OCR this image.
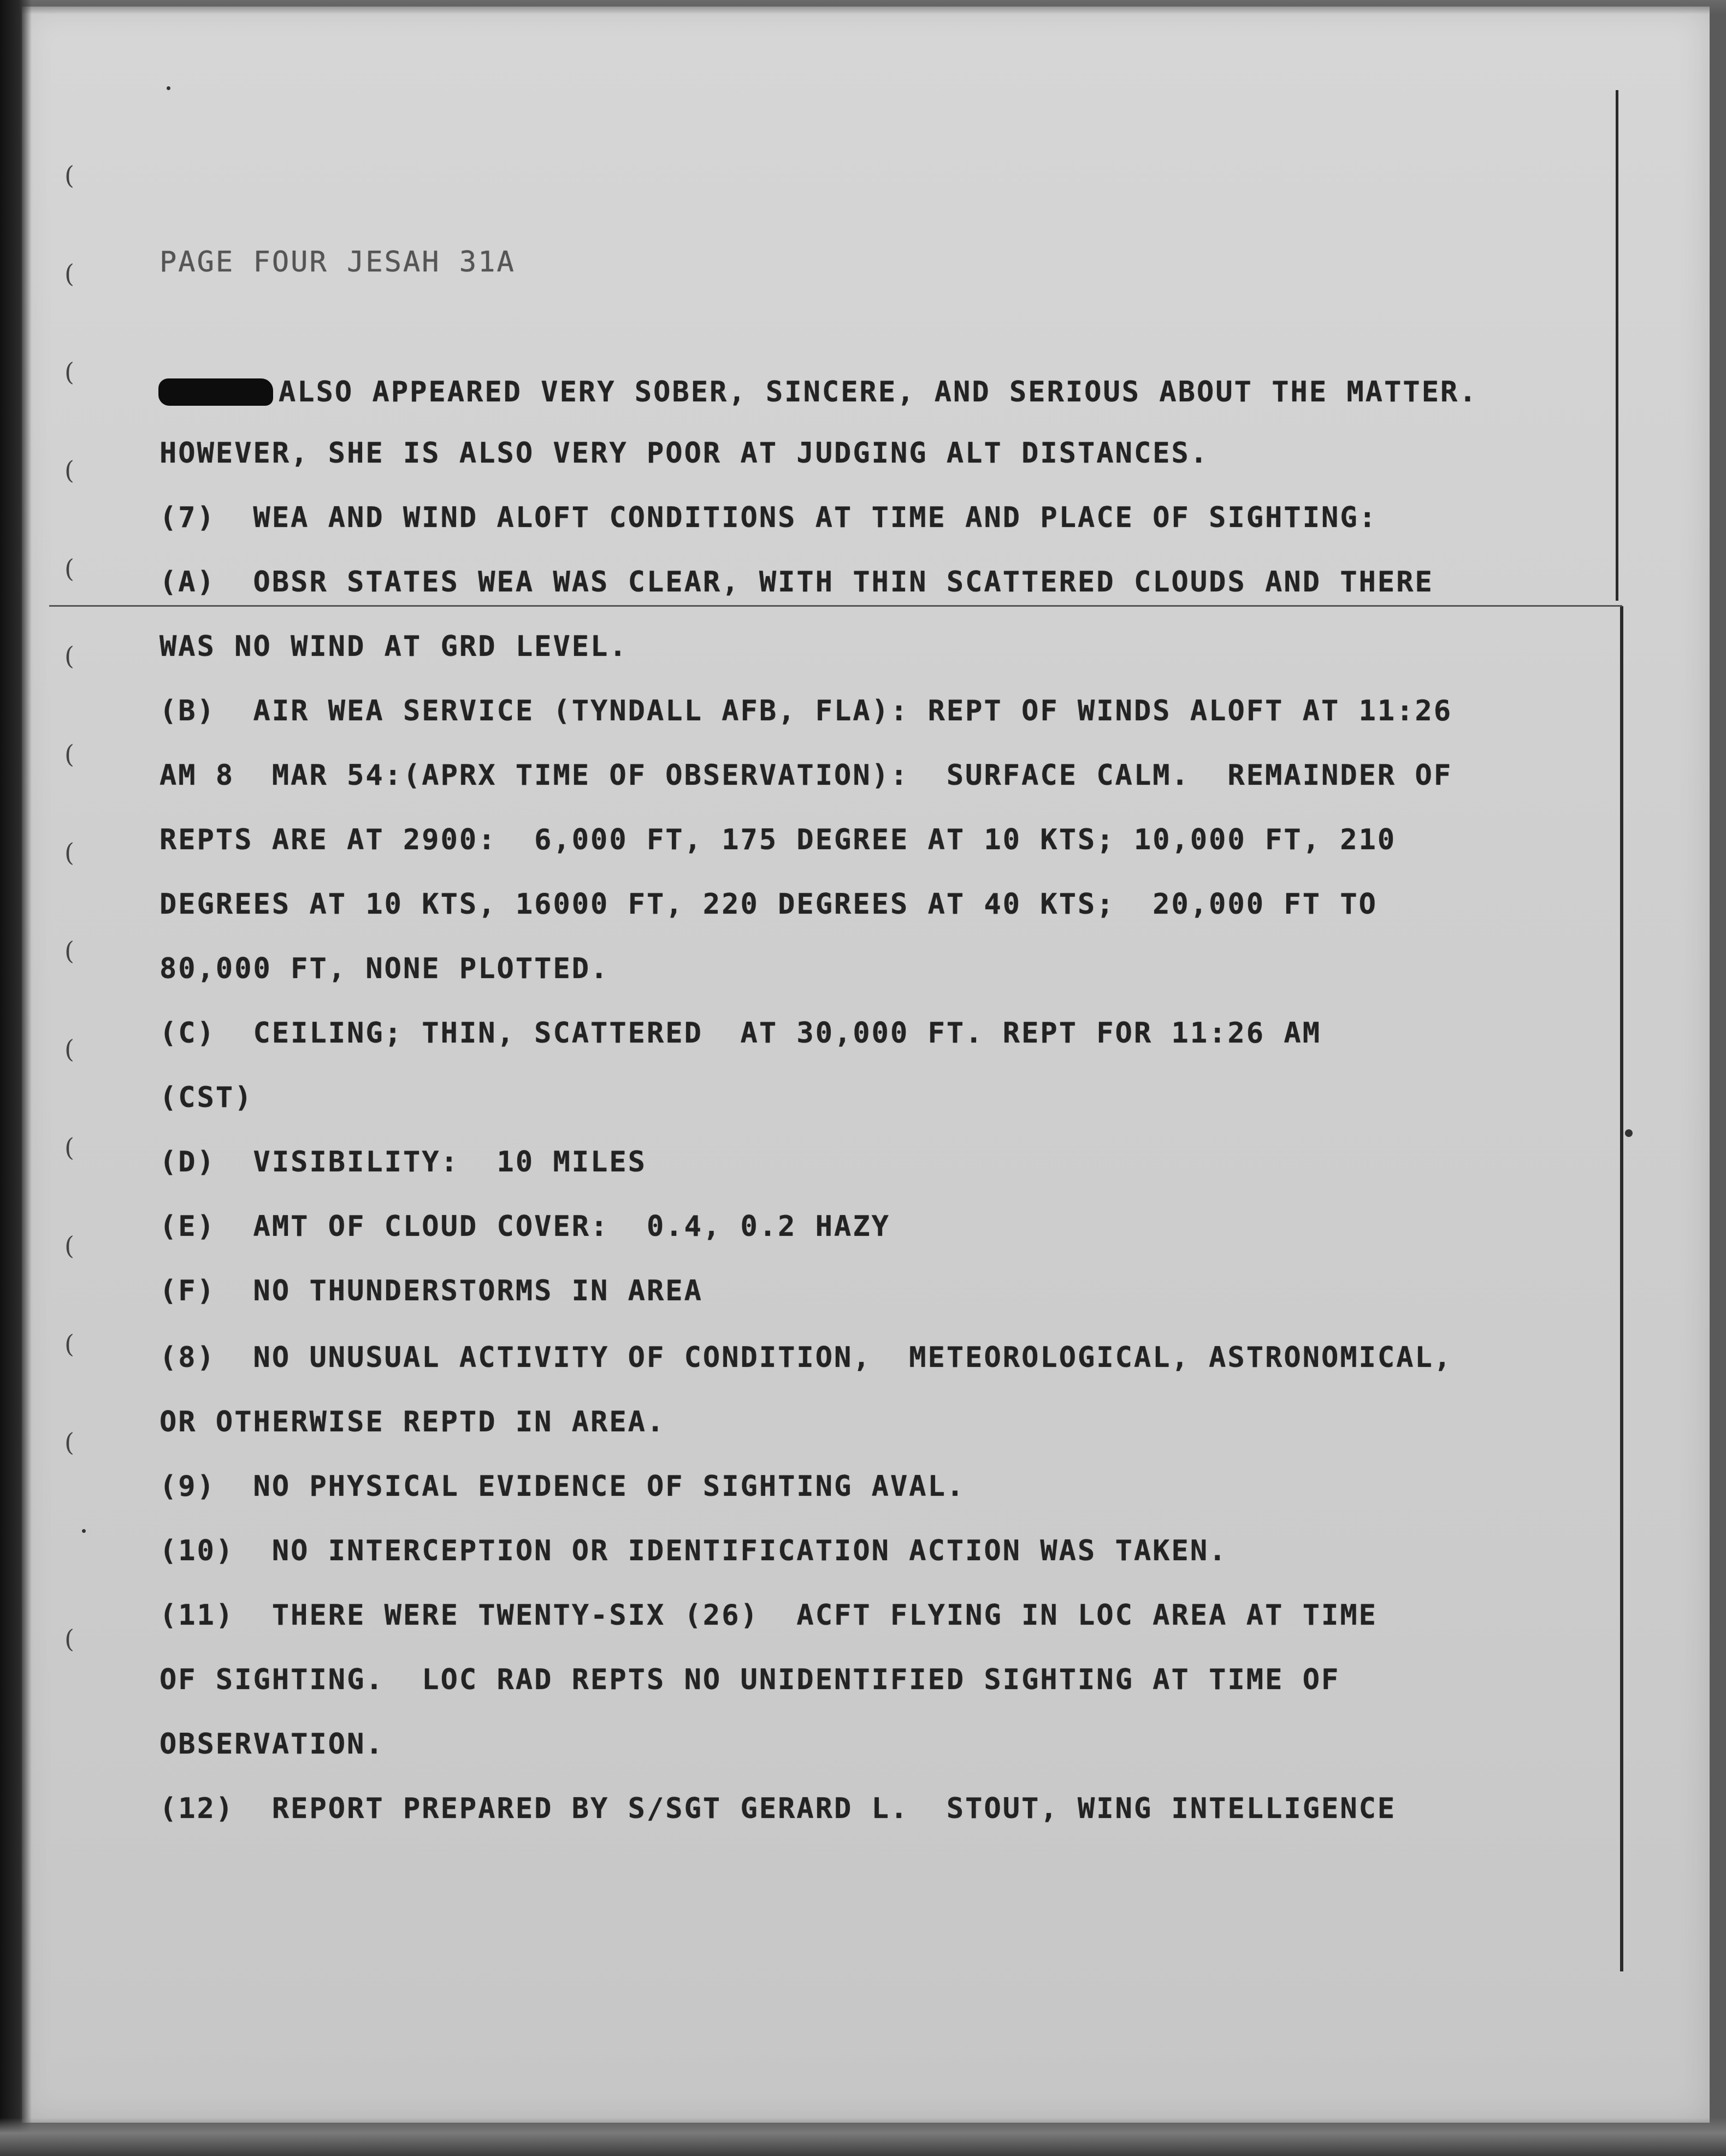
(
(
(
(
(
(
(
(
(
(
(
(
(
(
(

PAGE FOUR JESAH 31A

ALSO APPEARED VERY SOBER, SINCERE, AND SERIOUS ABOUT THE MATTER.

HOWEVER, SHE IS ALSO VERY POOR AT JUDGING ALT DISTANCES.

(7)  WEA AND WIND ALOFT CONDITIONS AT TIME AND PLACE OF SIGHTING:

(A)  OBSR STATES WEA WAS CLEAR, WITH THIN SCATTERED CLOUDS AND THERE

WAS NO WIND AT GRD LEVEL.

(B)  AIR WEA SERVICE (TYNDALL AFB, FLA): REPT OF WINDS ALOFT AT 11:26

AM 8  MAR 54:(APRX TIME OF OBSERVATION):  SURFACE CALM.  REMAINDER OF

REPTS ARE AT 2900:  6,000 FT, 175 DEGREE AT 10 KTS; 10,000 FT, 210

DEGREES AT 10 KTS, 16000 FT, 220 DEGREES AT 40 KTS;  20,000 FT TO

80,000 FT, NONE PLOTTED.

(C)  CEILING; THIN, SCATTERED  AT 30,000 FT. REPT FOR 11:26 AM

(CST)

(D)  VISIBILITY:  10 MILES

(E)  AMT OF CLOUD COVER:  0.4, 0.2 HAZY

(F)  NO THUNDERSTORMS IN AREA

(8)  NO UNUSUAL ACTIVITY OF CONDITION,  METEOROLOGICAL, ASTRONOMICAL,

OR OTHERWISE REPTD IN AREA.

(9)  NO PHYSICAL EVIDENCE OF SIGHTING AVAL.

(10)  NO INTERCEPTION OR IDENTIFICATION ACTION WAS TAKEN.

(11)  THERE WERE TWENTY-SIX (26)  ACFT FLYING IN LOC AREA AT TIME

OF SIGHTING.  LOC RAD REPTS NO UNIDENTIFIED SIGHTING AT TIME OF

OBSERVATION.

(12)  REPORT PREPARED BY S/SGT GERARD L.  STOUT, WING INTELLIGENCE
